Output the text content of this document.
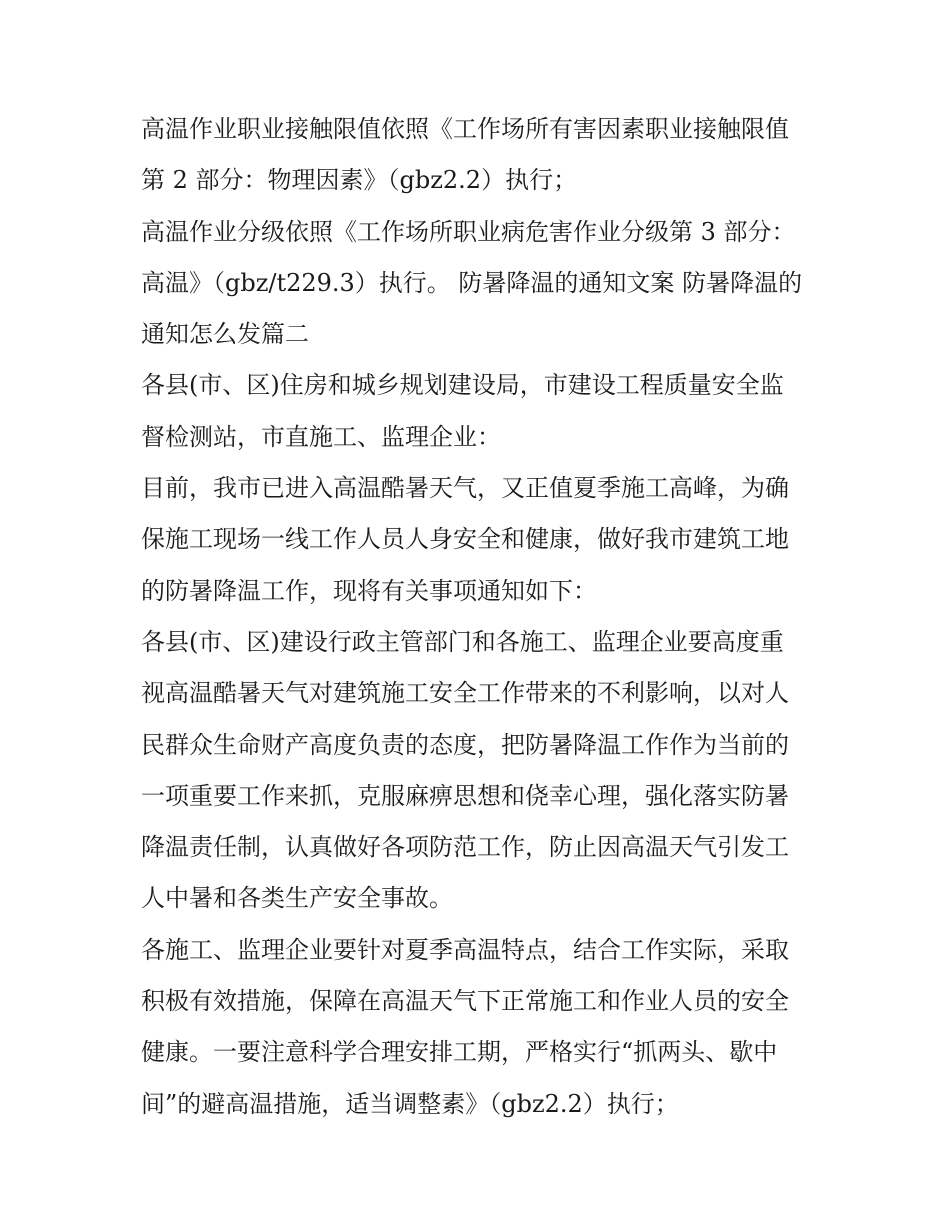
高温作业职业接触限值依照《工作场所有害因素职业接触限值
第 2 部分：物理因素》（gbz2.2）执行；
高温作业分级依照《工作场所职业病危害作业分级第 3 部分：
高温》（gbz/t229.3）执行。 防暑降温的通知文案 防暑降温的
通知怎么发篇二
各县(市、区)住房和城乡规划建设局，市建设工程质量安全监
督检测站，市直施工、监理企业：
目前，我市已进入高温酷暑天气，又正值夏季施工高峰，为确
保施工现场一线工作人员人身安全和健康，做好我市建筑工地
的防暑降温工作，现将有关事项通知如下：
各县(市、区)建设行政主管部门和各施工、监理企业要高度重
视高温酷暑天气对建筑施工安全工作带来的不利影响，以对人
民群众生命财产高度负责的态度，把防暑降温工作作为当前的
一项重要工作来抓，克服麻痹思想和侥幸心理，强化落实防暑
降温责任制，认真做好各项防范工作，防止因高温天气引发工
人中暑和各类生产安全事故。
各施工、监理企业要针对夏季高温特点，结合工作实际，采取
积极有效措施，保障在高温天气下正常施工和作业人员的安全
健康。一要注意科学合理安排工期，严格实行“抓两头、歇中
间”的避高温措施，适当调整素》（gbz2.2）执行；
